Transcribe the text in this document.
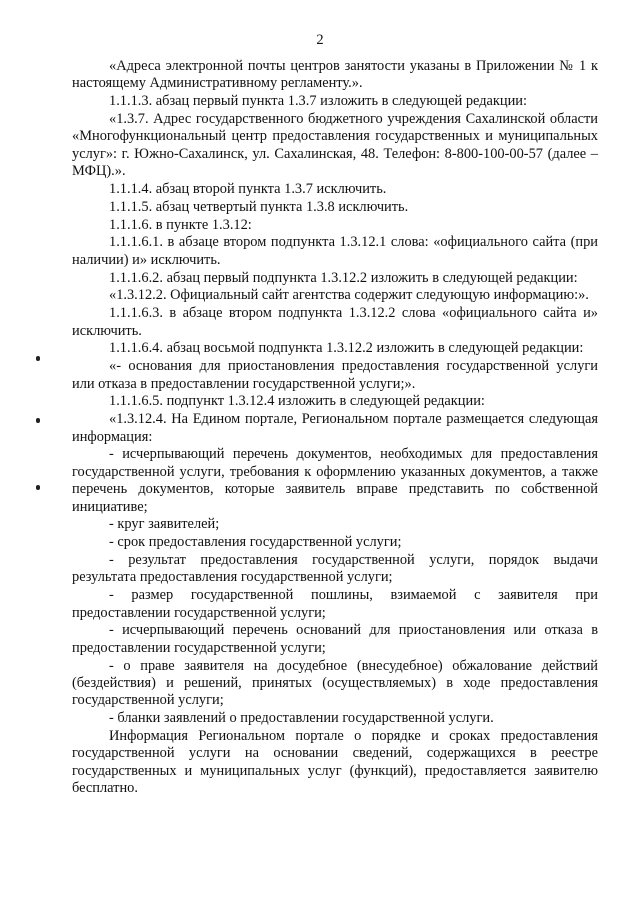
2

«Адреса электронной почты центров занятости указаны в Приложении № 1 к настоящему Административному регламенту.».

1.1.1.3. абзац первый пункта 1.3.7 изложить в следующей редакции:

«1.3.7. Адрес государственного бюджетного учреждения Сахалинской области «Многофункциональный центр предоставления государственных и муниципальных услуг»: г. Южно-Сахалинск, ул. Сахалинская, 48. Телефон: 8-800-100-00-57 (далее – МФЦ).».

1.1.1.4. абзац второй пункта 1.3.7 исключить.

1.1.1.5. абзац четвертый пункта 1.3.8 исключить.

1.1.1.6. в пункте 1.3.12:

1.1.1.6.1. в абзаце втором подпункта 1.3.12.1 слова: «официального сайта (при наличии) и» исключить.

1.1.1.6.2. абзац первый подпункта 1.3.12.2 изложить в следующей редакции:

«1.3.12.2. Официальный сайт агентства содержит следующую информацию:».

1.1.1.6.3. в абзаце втором подпункта 1.3.12.2 слова «официального сайта и» исключить.

1.1.1.6.4. абзац восьмой подпункта 1.3.12.2 изложить в следующей редакции:

«- основания для приостановления предоставления государственной услуги или отказа в предоставлении государственной услуги;».

1.1.1.6.5. подпункт 1.3.12.4 изложить в следующей редакции:

«1.3.12.4. На Едином портале, Региональном портале размещается следующая информация:

- исчерпывающий перечень документов, необходимых для предоставления государственной услуги, требования к оформлению указанных документов, а также перечень документов, которые заявитель вправе представить по собственной инициативе;

- круг заявителей;

- срок предоставления государственной услуги;

- результат предоставления государственной услуги, порядок выдачи результата предоставления государственной услуги;

- размер государственной пошлины, взимаемой с заявителя при предоставлении государственной услуги;

- исчерпывающий перечень оснований для приостановления или отказа в предоставлении государственной услуги;

- о праве заявителя на досудебное (внесудебное) обжалование действий (бездействия) и решений, принятых (осуществляемых) в ходе предоставления государственной услуги;

- бланки заявлений о предоставлении государственной услуги.

Информация Региональном портале о порядке и сроках предоставления государственной услуги на основании сведений, содержащихся в реестре государственных и муниципальных услуг (функций), предоставляется заявителю бесплатно.
